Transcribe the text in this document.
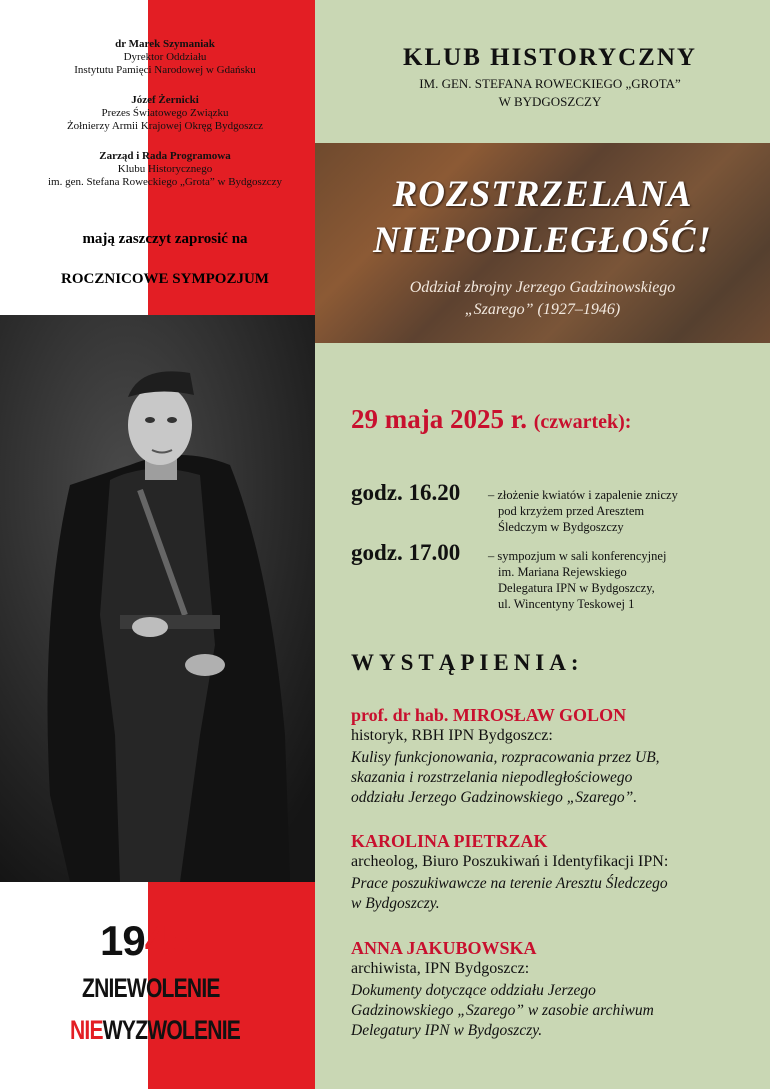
dr Marek Szymaniak
Dyrektor Oddziału
Instytutu Pamięci Narodowej w Gdańsku
Józef Żernicki
Prezes Światowego Związku
Żołnierzy Armii Krajowej Okręg Bydgoszcz
Zarząd i Rada Programowa
Klubu Historycznego
im. gen. Stefana Roweckiego „Grota” w Bydgoszczy
mają zaszczyt zaprosić na
ROCZNICOWE SYMPOZJUM
1945
ZNIEWOLENIE
NIEWYZWOLENIE
KLUB HISTORYCZNY
IM. GEN. STEFANA ROWECKIEGO „GROTA”
W BYDGOSZCZY
ROZSTRZELANA
NIEPODLEGŁOŚĆ!
Oddział zbrojny Jerzego Gadzinowskiego
„Szarego” (1927–1946)
29 maja 2025 r. (czwartek):
godz. 16.20 – złożenie kwiatów i zapalenie zniczy
pod krzyżem przed Aresztem
Śledczym w Bydgoszczy
godz. 17.00 – sympozjum w sali konferencyjnej
im. Mariana Rejewskiego
Delegatura IPN w Bydgoszczy,
ul. Wincentyny Teskowej 1
WYSTĄPIENIA:
prof. dr hab. MIROSŁAW GOLON
historyk, RBH IPN Bydgoszcz:
Kulisy funkcjonowania, rozpracowania przez UB,
skazania i rozstrzelania niepodległościowego
oddziału Jerzego Gadzinowskiego „Szarego”.
KAROLINA PIETRZAK
archeolog, Biuro Poszukiwań i Identyfikacji IPN:
Prace poszukiwawcze na terenie Aresztu Śledczego
w Bydgoszczy.
ANNA JAKUBOWSKA
archiwista, IPN Bydgoszcz:
Dokumenty dotyczące oddziału Jerzego
Gadzinowskiego „Szarego” w zasobie archiwum
Delegatury IPN w Bydgoszczy.
